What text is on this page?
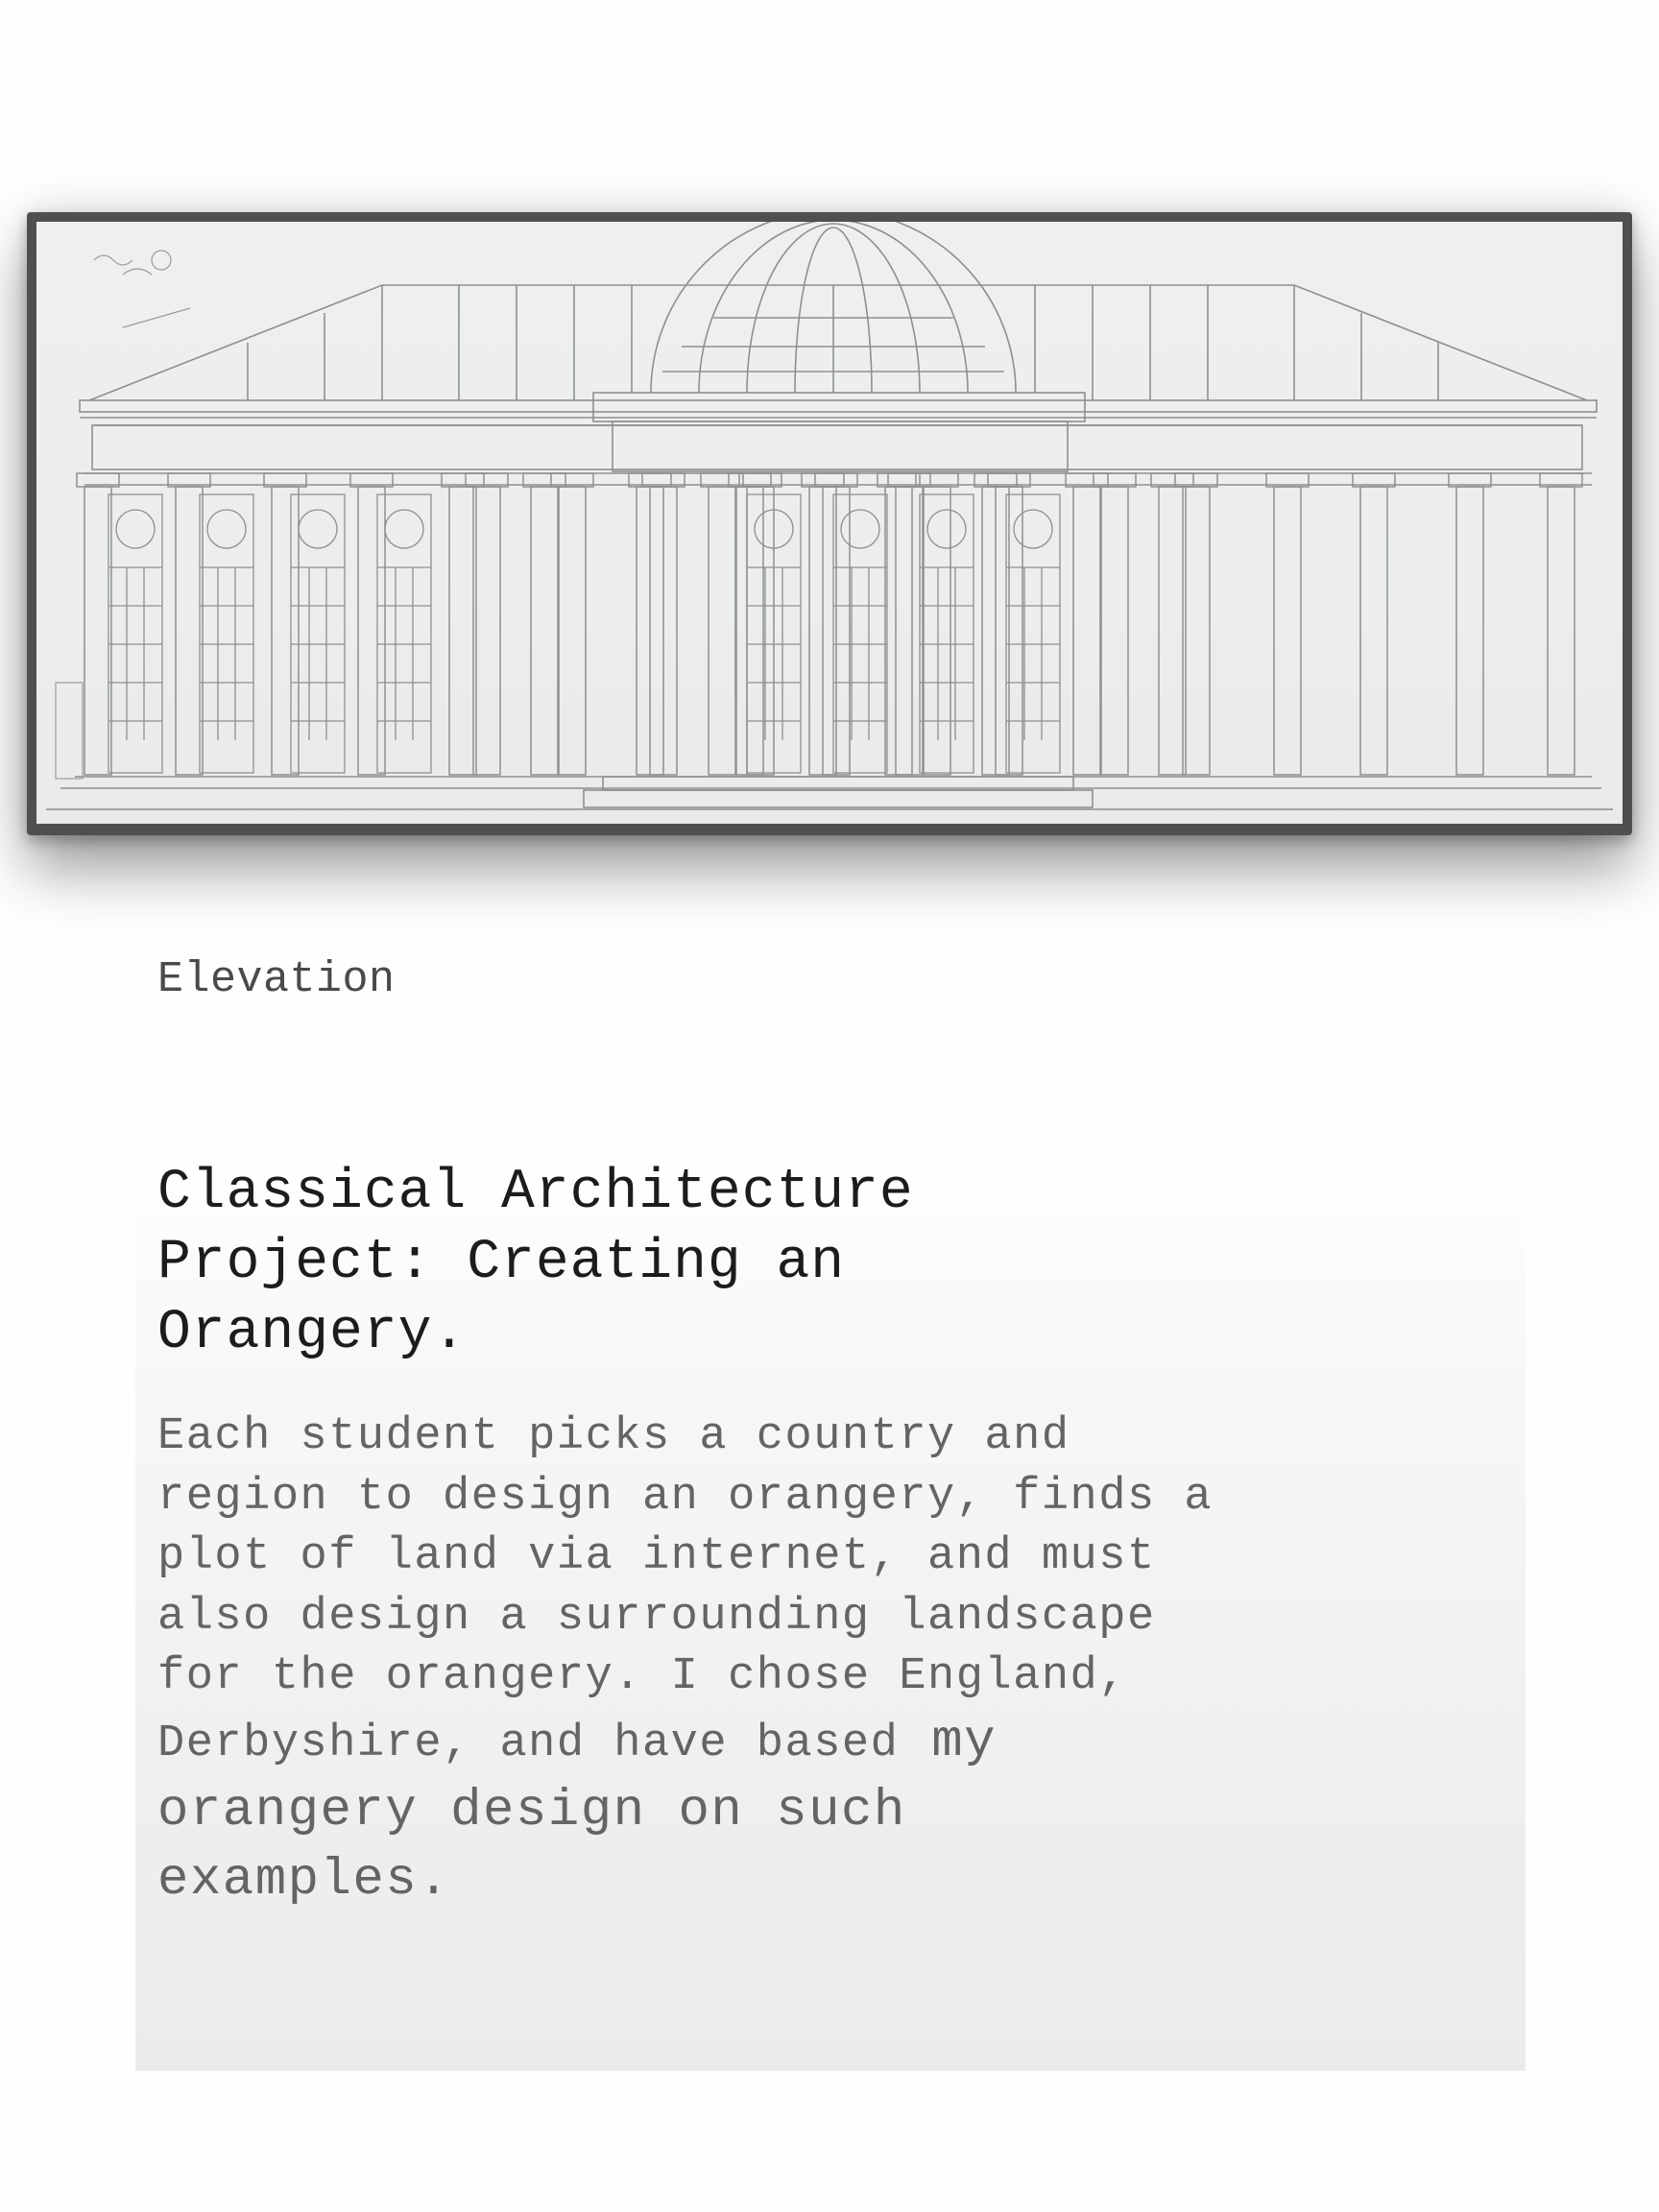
Elevation
Classical Architecture Project: Creating an Orangery.

Each student picks a country and region to design an orangery, finds a plot of land via internet, and must also design a surrounding landscape for the orangery. I chose England, Derbyshire, and have based my orangery design on such examples.
